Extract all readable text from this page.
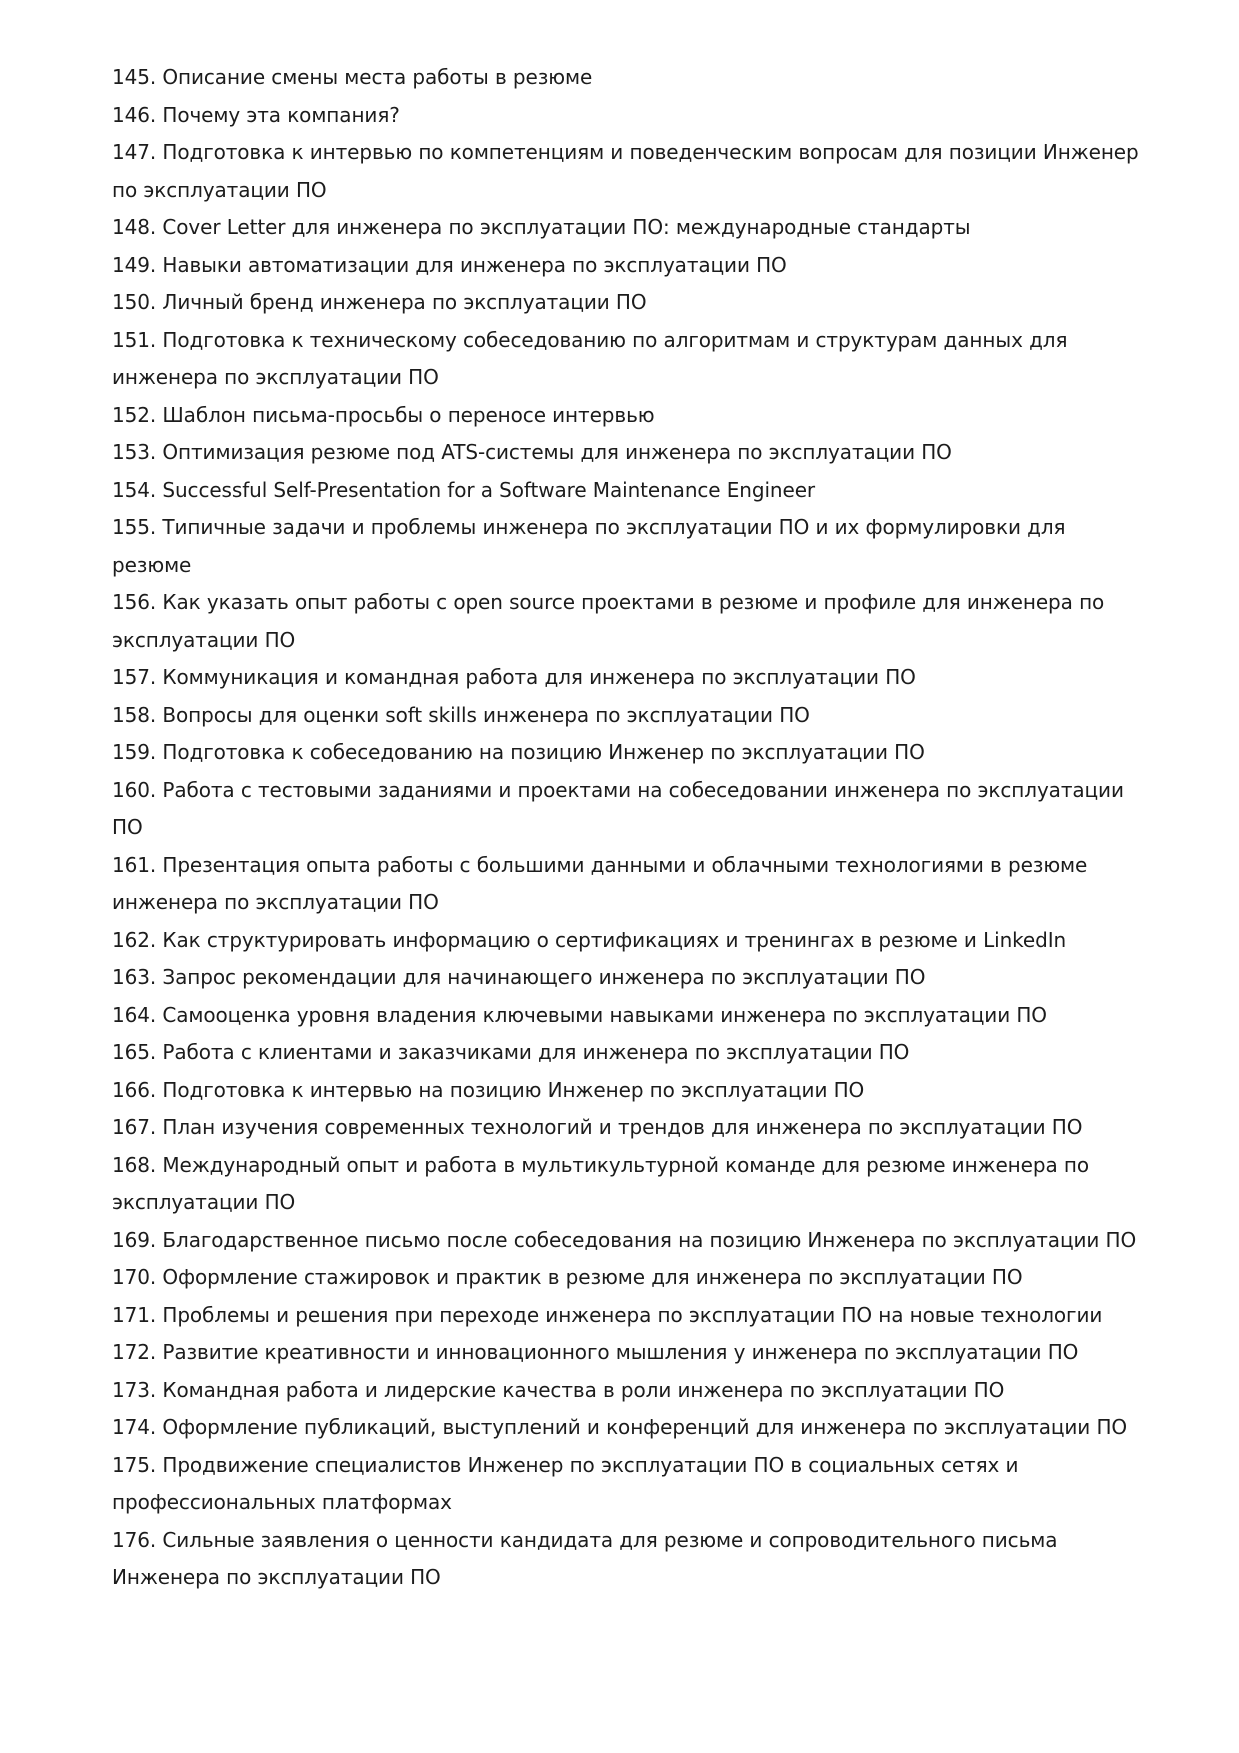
145. Описание смены места работы в резюме
146. Почему эта компания?
147. Подготовка к интервью по компетенциям и поведенческим вопросам для позиции Инженер по эксплуатации ПО
148. Cover Letter для инженера по эксплуатации ПО: международные стандарты
149. Навыки автоматизации для инженера по эксплуатации ПО
150. Личный бренд инженера по эксплуатации ПО
151. Подготовка к техническому собеседованию по алгоритмам и структурам данных для инженера по эксплуатации ПО
152. Шаблон письма-просьбы о переносе интервью
153. Оптимизация резюме под ATS-системы для инженера по эксплуатации ПО
154. Successful Self-Presentation for a Software Maintenance Engineer
155. Типичные задачи и проблемы инженера по эксплуатации ПО и их формулировки для резюме
156. Как указать опыт работы с open source проектами в резюме и профиле для инженера по эксплуатации ПО
157. Коммуникация и командная работа для инженера по эксплуатации ПО
158. Вопросы для оценки soft skills инженера по эксплуатации ПО
159. Подготовка к собеседованию на позицию Инженер по эксплуатации ПО
160. Работа с тестовыми заданиями и проектами на собеседовании инженера по эксплуатации ПО
161. Презентация опыта работы с большими данными и облачными технологиями в резюме инженера по эксплуатации ПО
162. Как структурировать информацию о сертификациях и тренингах в резюме и LinkedIn
163. Запрос рекомендации для начинающего инженера по эксплуатации ПО
164. Самооценка уровня владения ключевыми навыками инженера по эксплуатации ПО
165. Работа с клиентами и заказчиками для инженера по эксплуатации ПО
166. Подготовка к интервью на позицию Инженер по эксплуатации ПО
167. План изучения современных технологий и трендов для инженера по эксплуатации ПО
168. Международный опыт и работа в мультикультурной команде для резюме инженера по эксплуатации ПО
169. Благодарственное письмо после собеседования на позицию Инженера по эксплуатации ПО
170. Оформление стажировок и практик в резюме для инженера по эксплуатации ПО
171. Проблемы и решения при переходе инженера по эксплуатации ПО на новые технологии
172. Развитие креативности и инновационного мышления у инженера по эксплуатации ПО
173. Командная работа и лидерские качества в роли инженера по эксплуатации ПО
174. Оформление публикаций, выступлений и конференций для инженера по эксплуатации ПО
175. Продвижение специалистов Инженер по эксплуатации ПО в социальных сетях и профессиональных платформах
176. Сильные заявления о ценности кандидата для резюме и сопроводительного письма Инженера по эксплуатации ПО
